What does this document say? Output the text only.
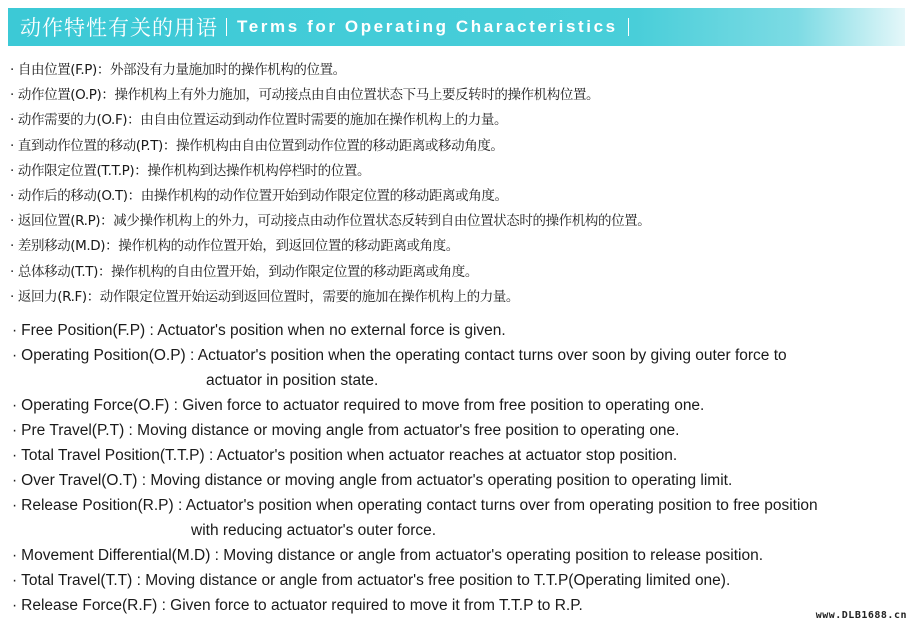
动作特性有关的用语 Terms for Operating Characteristics
· 自由位置(F.P)：外部没有力量施加时的操作机构的位置。
· 动作位置(O.P)：操作机构上有外力施加，可动接点由自由位置状态下马上要反转时的操作机构位置。
· 动作需要的力(O.F)：由自由位置运动到动作位置时需要的施加在操作机构上的力量。
· 直到动作位置的移动(P.T)：操作机构由自由位置到动作位置的移动距离或移动角度。
· 动作限定位置(T.T.P)：操作机构到达操作机构停档时的位置。
· 动作后的移动(O.T)：由操作机构的动作位置开始到动作限定位置的移动距离或角度。
· 返回位置(R.P)：减少操作机构上的外力，可动接点由动作位置状态反转到自由位置状态时的操作机构的位置。
· 差别移动(M.D)：操作机构的动作位置开始，到返回位置的移动距离或角度。
· 总体移动(T.T)：操作机构的自由位置开始，到动作限定位置的移动距离或角度。
· 返回力(R.F)：动作限定位置开始运动到返回位置时，需要的施加在操作机构上的力量。
· Free Position(F.P) : Actuator's position when no external force is given.
· Operating Position(O.P) : Actuator's position when the operating contact turns over soon by giving outer force to
actuator in position state.
· Operating Force(O.F) : Given force to actuator required to move from free position to operating one.
· Pre Travel(P.T) : Moving distance or moving angle from actuator's free position to operating one.
· Total Travel Position(T.T.P) : Actuator's position when actuator reaches at actuator stop position.
· Over Travel(O.T) : Moving distance or moving angle from actuator's operating position to operating limit.
· Release Position(R.P) : Actuator's position when operating contact turns over from operating position to free position
with reducing actuator's outer force.
· Movement Differential(M.D) : Moving distance or angle from actuator's operating position to release position.
· Total Travel(T.T) : Moving distance or angle from actuator's free position to T.T.P(Operating limited one).
· Release Force(R.F) : Given force to actuator required to move it from T.T.P to R.P.
www.DLB1688.cn
